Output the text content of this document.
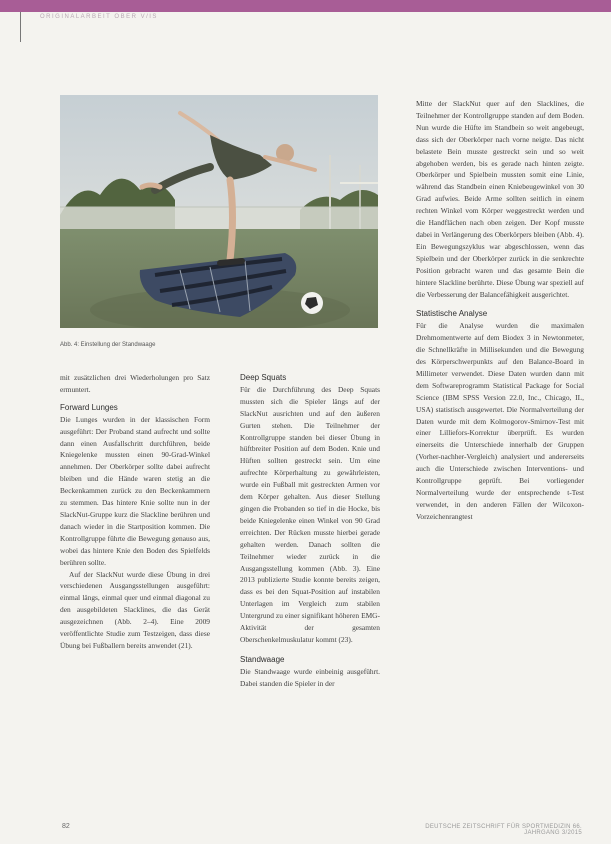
ORIGINALARBEIT OBER V/IS
Abb. 4: Einstellung der Standwaage

mit zusätzlichen drei Wiederholungen pro Satz ermuntert.

Forward Lunges

Die Lunges wurden in der klassischen Form ausgeführt: Der Proband stand aufrecht und sollte dann einen Ausfallschritt durchführen, beide Kniegelenke mussten einen 90-Grad-Winkel annehmen. Der Oberkörper sollte dabei aufrecht bleiben und die Hände waren stetig an die Beckenkammen zurück zu den Beckenkammern zu stemmen. Das hintere Knie sollte nun in der SlackNut-Gruppe kurz die Slackline berühren und danach wieder in die Startposition kommen. Die Kontrollgruppe führte die Bewegung genauso aus, wobei das hintere Knie den Boden des Spielfelds berühren sollte.

Auf der SlackNut wurde diese Übung in drei verschiedenen Ausgangsstellungen ausgeführt: einmal längs, einmal quer und einmal diagonal zu den ausgebildeten Slacklines, die das Gerät ausgezeichnen (Abb. 2–4). Eine 2009 veröffentlichte Studie zum Testzeigen, dass diese Übung bei Fußballern bereits anwendet (21).

Deep Squats

Für die Durchführung des Deep Squats mussten sich die Spieler längs auf der SlackNut ausrichten und auf den äußeren Gurten stehen. Die Teilnehmer der Kontrollgruppe standen bei dieser Übung in hüftbreiter Position auf dem Boden. Knie und Hüften sollten gestreckt sein. Um eine aufrechte Körperhaltung zu gewährleisten, wurde ein Fußball mit gestreckten Armen vor dem Körper gehalten. Aus dieser Stellung gingen die Probanden so tief in die Hocke, bis beide Kniegelenke einen Winkel von 90 Grad erreichten. Der Rücken musste hierbei gerade gehalten werden. Danach sollten die Teilnehmer wieder zurück in die Ausgangsstellung kommen (Abb. 3). Eine 2013 publizierte Studie konnte bereits zeigen, dass es bei den Squat-Position auf instabilen Unterlagen im Vergleich zum stabilen Untergrund zu einer signifikant höheren EMG-Aktivität der gesamten Oberschenkelmuskulatur kommt (23).

Standwaage

Die Standwaage wurde einbeinig ausgeführt. Dabei standen die Spieler in der

Mitte der SlackNut quer auf den Slacklines, die Teilnehmer der Kontrollgruppe standen auf dem Boden. Nun wurde die Hüfte im Standbein so weit angebeugt, dass sich der Oberkörper nach vorne neigte. Das nicht belastete Bein musste gestreckt sein und so weit abgehoben werden, bis es gerade nach hinten zeigte. Oberkörper und Spielbein mussten somit eine Linie, während das Standbein einen Kniebeugewinkel von 30 Grad aufwies. Beide Arme sollten seitlich in einem rechten Winkel vom Körper weggestreckt werden und die Handflächen nach oben zeigen. Der Kopf musste dabei in Verlängerung des Oberkörpers bleiben (Abb. 4). Ein Bewegungszyklus war abgeschlossen, wenn das Spielbein und der Oberkörper zurück in die senkrechte Position gebracht waren und das gesamte Bein die hintere Slackline berührte. Diese Übung war speziell auf die Verbesserung der Balancefähigkeit ausgerichtet.

Statistische Analyse

Für die Analyse wurden die maximalen Drehmomentwerte auf dem Biodex 3 in Newtonmeter, die Schnellkräfte in Millisekunden und die Bewegung des Körperschwerpunkts auf den Balance-Board in Millimeter verwendet. Diese Daten wurden dann mit dem Softwareprogramm Statistical Package for Social Science (IBM SPSS Version 22.0, Inc., Chicago, IL, USA) statistisch ausgewertet. Die Normalverteilung der Daten wurde mit dem Kolmogorov-Smirnov-Test mit einer Lilliefors-Korrektur überprüft. Es wurden einerseits die Unterschiede innerhalb der Gruppen (Vorher-nachher-Vergleich) analysiert und andererseits auch die Unterschiede zwischen Interventions- und Kontrollgruppe geprüft. Bei vorliegender Normalverteilung wurde der entsprechende t-Test verwendet, in den anderen Fällen der Wilcoxon-Vorzeichenrangtest

82	DEUTSCHE ZEITSCHRIFT FÜR SPORTMEDIZIN 66. JAHRGANG 3/2015
